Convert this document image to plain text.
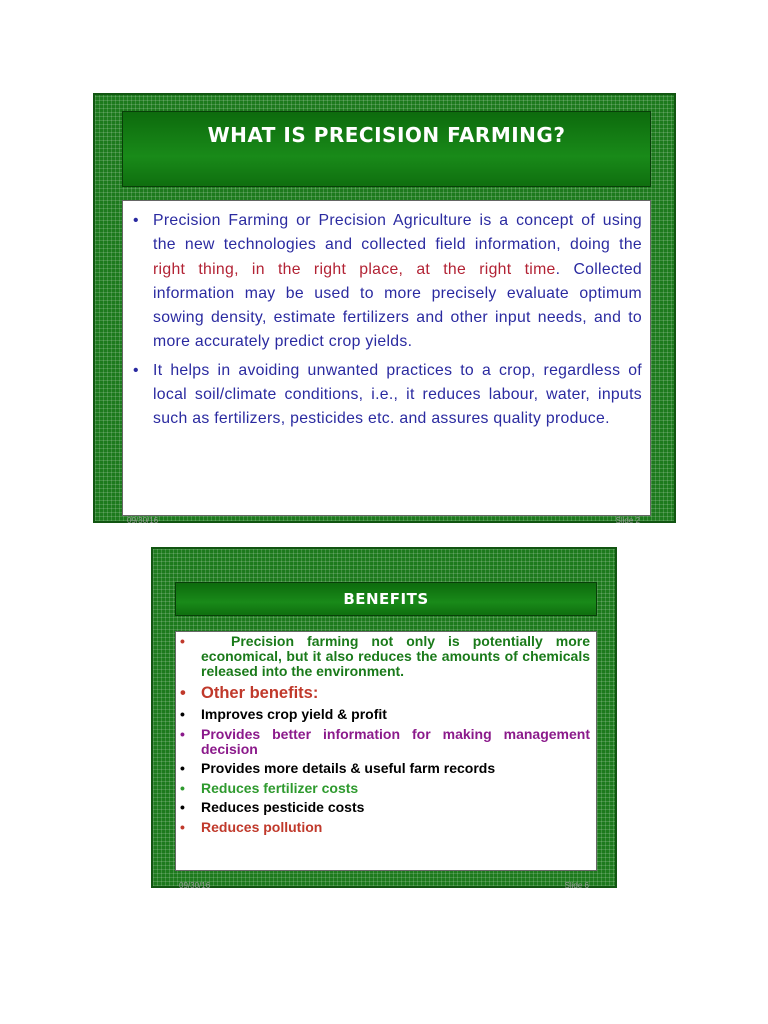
WHAT IS PRECISION FARMING?
• Precision Farming or Precision Agriculture is a concept of using the new technologies and collected field information, doing the right thing, in the right place, at the right time. Collected information may be used to more precisely evaluate optimum sowing density, estimate fertilizers and other input needs, and to more accurately predict crop yields.
• It helps in avoiding unwanted practices to a crop, regardless of local soil/climate conditions, i.e., it reduces labour, water, inputs such as fertilizers, pesticides etc. and assures quality produce.
09/30/16	Slide 2
BENEFITS
•	Precision farming not only is potentially more economical, but it also reduces the amounts of chemicals released into the environment.
• Other benefits:
•	Improves crop yield & profit
•	Provides better information for making management decision
•	Provides more details & useful farm records
•	Reduces fertilizer costs
•	Reduces pesticide costs
•	Reduces pollution
09/30/16	Slide 6
